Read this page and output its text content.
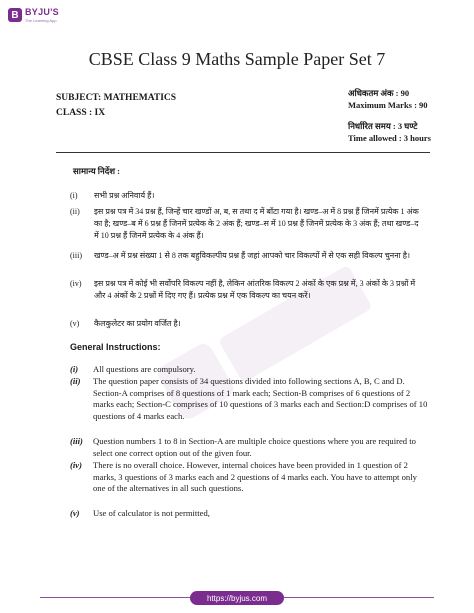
B BYJU'S
The Learning App
CBSE Class 9 Maths Sample Paper Set 7
SUBJECT: MATHEMATICS
CLASS : IX
अधिकतम अंक : 90
Maximum Marks : 90
निर्धारित समय : 3 घण्टे
Time allowed : 3 hours
सामान्य निर्देश :
(i)	सभी प्रश्न अनिवार्य हैं।
(ii)	इस प्रश्न पत्र में 34 प्रश्न हैं, जिन्हें चार खण्डों अ, ब, स तथा द में बाँटा गया है। खण्ड–अ में 8 प्रश्न हैं जिनमें प्रत्येक 1 अंक का है; खण्ड–ब में 6 प्रश्न हैं जिनमें प्रत्येक के 2 अंक हैं; खण्ड–स में 10 प्रश्न हैं जिनमें प्रत्येक के 3 अंक हैं; तथा खण्ड–द में 10 प्रश्न हैं जिनमें प्रत्येक के 4 अंक हैं।
(iii)	खण्ड–अ में प्रश्न संख्या 1 से 8 तक बहुविकल्पीय प्रश्न हैं जहां आपको चार विकल्पों में से एक सही विकल्प चुनना है।
(iv)	इस प्रश्न पत्र में कोई भी सर्वोपरि विकल्प नहीं है, लेकिन आंतरिक विकल्प 2 अंकों के एक प्रश्न में, 3 अंकों के 3 प्रश्नों में और 4 अंकों के 2 प्रश्नों में दिए गए हैं। प्रत्येक प्रश्न में एक विकल्प का चयन करें।
(v)	कैलकुलेटर का प्रयोग वर्जित है।
General Instructions:
(i)	All questions are compulsory.
(ii)	The question paper consists of 34 questions divided into following sections A, B, C and D. Section-A comprises of 8 questions of 1 mark each; Section-B comprises of 6 questions of 2 marks each; Section-C comprises of 10 questions of 3 marks each and Section:D comprises of 10 questions of 4 marks each.
(iii)	Question numbers 1 to 8 in Section-A are multiple choice questions where you are required to select one correct option out of the given four.
(iv)	There is no overall choice. However, internal choices have been provided in 1 question of 2 marks, 3 questions of 3 marks each and 2 questions of 4 marks each. You have to attempt only one of the alternatives in all such questions.
(v)	Use of calculator is not permitted,
https://byjus.com
